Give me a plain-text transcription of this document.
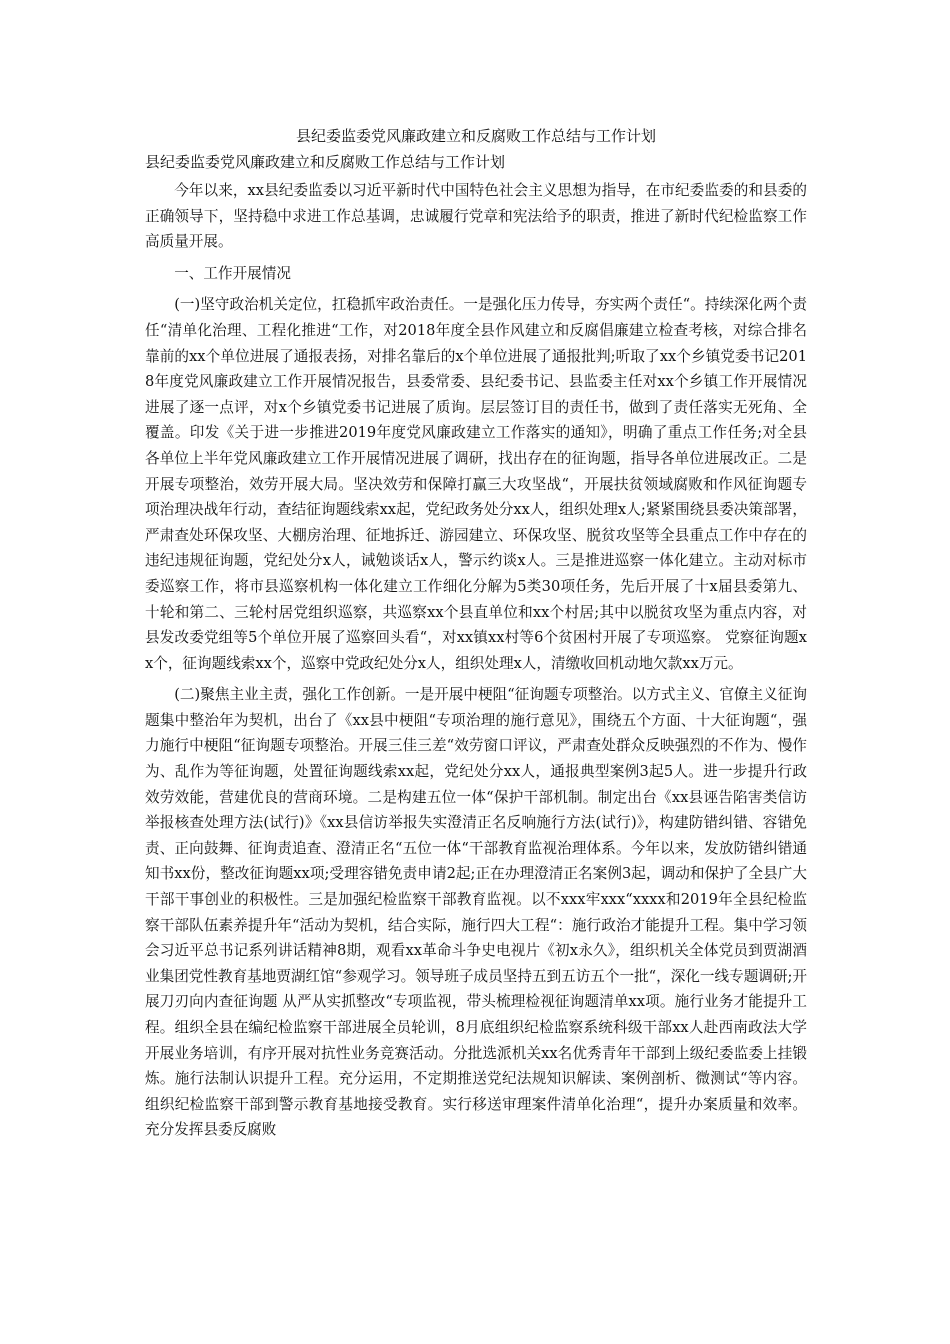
县纪委监委党风廉政建立和反腐败工作总结与工作计划
县纪委监委党风廉政建立和反腐败工作总结与工作计划

今年以来，xx县纪委监委以习近平新时代中国特色社会主义思想为指导，在市纪委监委的和县委的正确领导下，坚持稳中求进工作总基调，忠诚履行党章和宪法给予的职责，推进了新时代纪检监察工作高质量开展。

一、工作开展情况

(一)坚守政治机关定位，扛稳抓牢政治责任。一是强化压力传导，夯实两个责任“。持续深化两个责任“清单化治理、工程化推进“工作，对2018年度全县作风建立和反腐倡廉建立检查考核，对综合排名靠前的xx个单位进展了通报表扬，对排名靠后的x个单位进展了通报批判;听取了xx个乡镇党委书记2018年度党风廉政建立工作开展情况报告，县委常委、县纪委书记、县监委主任对xx个乡镇工作开展情况进展了逐一点评，对x个乡镇党委书记进展了质询。层层签订目的责任书，做到了责任落实无死角、全覆盖。印发《关于进一步推进2019年度党风廉政建立工作落实的通知》，明确了重点工作任务;对全县各单位上半年党风廉政建立工作开展情况进展了调研，找出存在的征询题，指导各单位进展改正。二是开展专项整治，效劳开展大局。坚决效劳和保障打赢三大攻坚战“，开展扶贫领域腐败和作风征询题专项治理决战年行动，查结征询题线索xx起，党纪政务处分xx人，组织处理x人;紧紧围绕县委决策部署，严肃查处环保攻坚、大棚房治理、征地拆迁、游园建立、环保攻坚、脱贫攻坚等全县重点工作中存在的违纪违规征询题，党纪处分x人，诫勉谈话x人，警示约谈x人。三是推进巡察一体化建立。主动对标市委巡察工作，将市县巡察机构一体化建立工作细化分解为5类30项任务，先后开展了十x届县委第九、十轮和第二、三轮村居党组织巡察，共巡察xx个县直单位和xx个村居;其中以脱贫攻坚为重点内容，对县发改委党组等5个单位开展了巡察回头看“，对xx镇xx村等6个贫困村开展了专项巡察。 党察征询题xx个，征询题线索xx个，巡察中党政纪处分x人，组织处理x人，清缴收回机动地欠款xx万元。

(二)聚焦主业主责，强化工作创新。一是开展中梗阻“征询题专项整治。以方式主义、官僚主义征询题集中整治年为契机，出台了《xx县中梗阻“专项治理的施行意见》，围绕五个方面、十大征询题“，强力施行中梗阻“征询题专项整治。开展三佳三差“效劳窗口评议，严肃查处群众反映强烈的不作为、慢作为、乱作为等征询题，处置征询题线索xx起，党纪处分xx人，通报典型案例3起5人。进一步提升行政效劳效能，营建优良的营商环境。二是构建五位一体“保护干部机制。制定出台《xx县诬告陷害类信访举报核查处理方法(试行)》《xx县信访举报失实澄清正名反响施行方法(试行)》，构建防错纠错、容错免责、正向鼓舞、征询责追查、澄清正名“五位一体“干部教育监视治理体系。今年以来，发放防错纠错通知书xx份，整改征询题xx项;受理容错免责申请2起;正在办理澄清正名案例3起，调动和保护了全县广大干部干事创业的积极性。三是加强纪检监察干部教育监视。以不xxx牢xxx“xxxx和2019年全县纪检监察干部队伍素养提升年“活动为契机，结合实际，施行四大工程“：施行政治才能提升工程。集中学习领会习近平总书记系列讲话精神8期，观看xx革命斗争史电视片《初x永久》，组织机关全体党员到贾湖酒业集团党性教育基地贾湖红馆“参观学习。领导班子成员坚持五到五访五个一批“，深化一线专题调研;开展刀刃向内查征询题 从严从实抓整改“专项监视，带头梳理检视征询题清单xx项。施行业务才能提升工程。组织全县在编纪检监察干部进展全员轮训，8月底组织纪检监察系统科级干部xx人赴西南政法大学开展业务培训，有序开展对抗性业务竞赛活动。分批选派机关xx名优秀青年干部到上级纪委监委上挂锻炼。施行法制认识提升工程。充分运用，不定期推送党纪法规知识解读、案例剖析、微测试“等内容。组织纪检监察干部到警示教育基地接受教育。实行移送审理案件清单化治理“，提升办案质量和效率。充分发挥县委反腐败
